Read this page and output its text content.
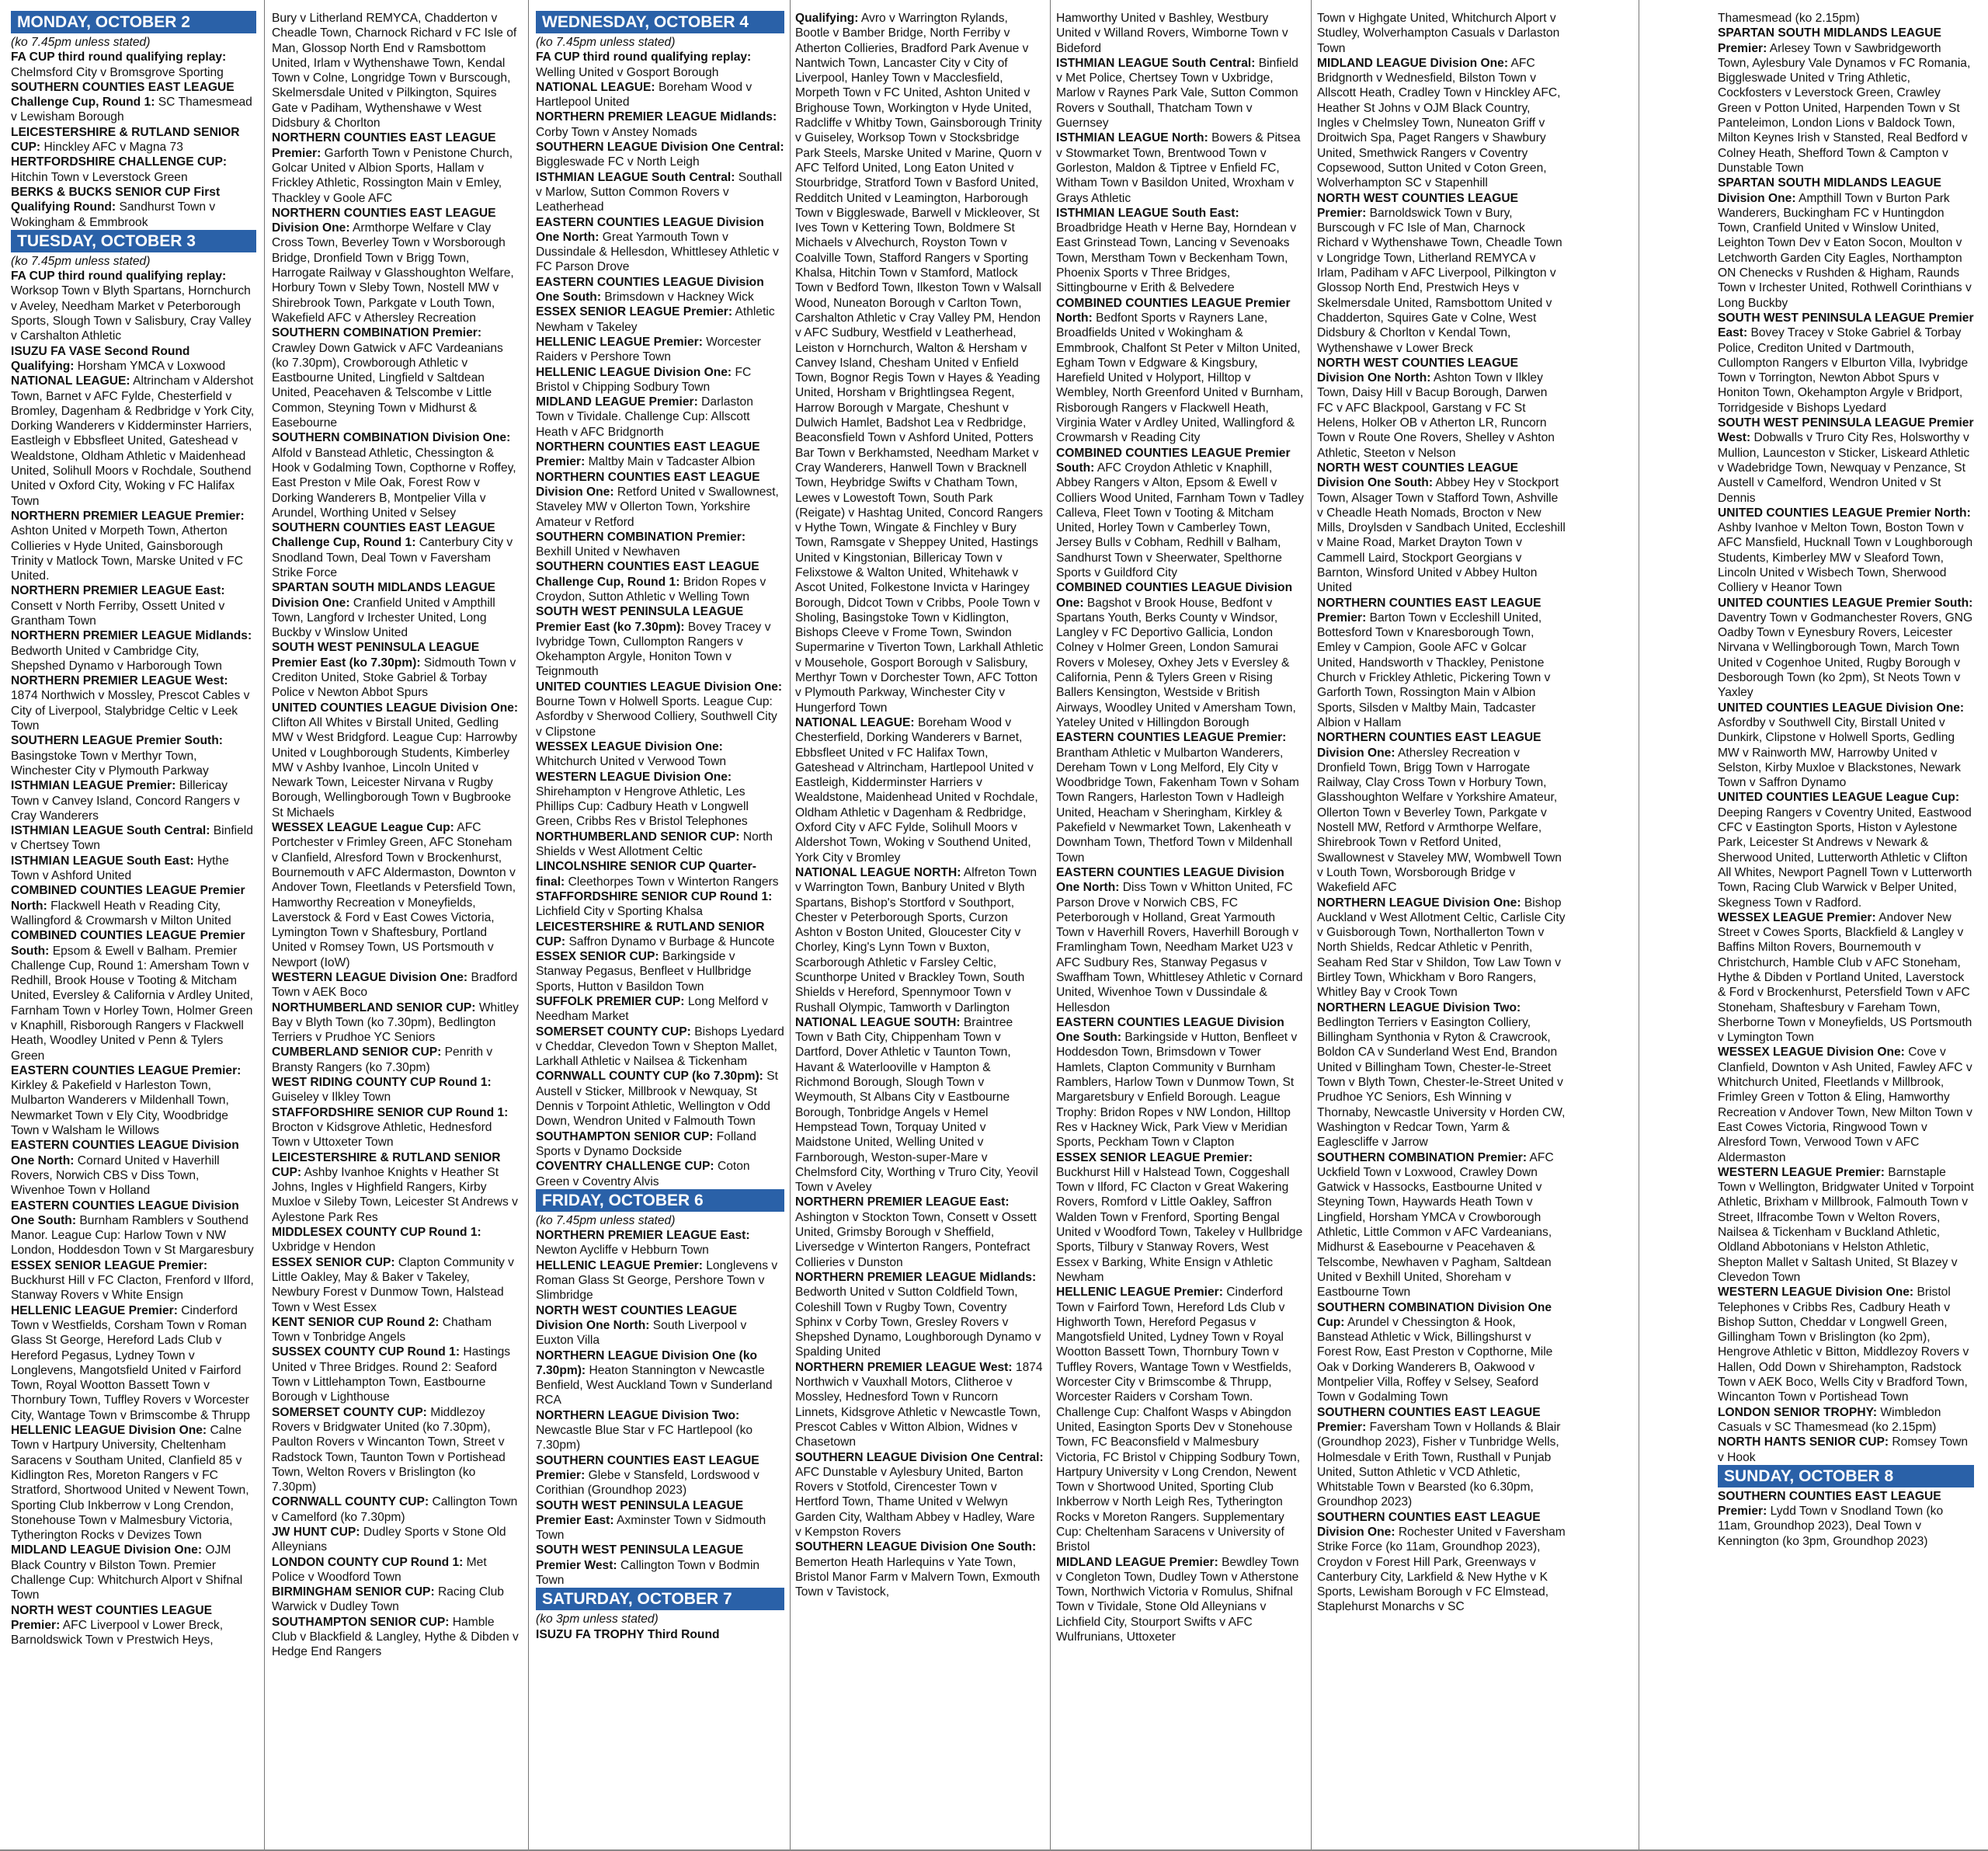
MONDAY, OCTOBER 2
(ko 7.45pm unless stated)
FA CUP third round qualifying replay: Chelmsford City v Bromsgrove Sporting
SOUTHERN COUNTIES EAST LEAGUE Challenge Cup, Round 1: SC Thamesmead v Lewisham Borough
LEICESTERSHIRE & RUTLAND SENIOR CUP: Hinckley AFC v Magna 73
HERTFORDSHIRE CHALLENGE CUP: Hitchin Town v Leverstock Green
BERKS & BUCKS SENIOR CUP First Qualifying Round: Sandhurst Town v Wokingham & Emmbrook
TUESDAY, OCTOBER 3
(ko 7.45pm unless stated)
FA CUP third round qualifying replay: Worksop Town v Blyth Spartans, Hornchurch v Aveley, Needham Market v Peterborough Sports, Slough Town v Salisbury, Cray Valley v Carshalton Athletic
ISUZU FA VASE Second Round Qualifying: Horsham YMCA v Loxwood
NATIONAL LEAGUE: Altrincham v Aldershot Town, Barnet v AFC Fylde, Chesterfield v Bromley, Dagenham & Redbridge v York City, Dorking Wanderers v Kidderminster Harriers, Eastleigh v Ebbsfleet United, Gateshead v Wealdstone, Oldham Athletic v Maidenhead United, Solihull Moors v Rochdale, Southend United v Oxford City, Woking v FC Halifax Town
NORTHERN PREMIER LEAGUE Premier: Ashton United v Morpeth Town, Atherton Collieries v Hyde United, Gainsborough Trinity v Matlock Town, Marske United v FC United.
NORTHERN PREMIER LEAGUE East: Consett v North Ferriby, Ossett United v Grantham Town
NORTHERN PREMIER LEAGUE Midlands: Bedworth United v Cambridge City, Shepshed Dynamo v Harborough Town
NORTHERN PREMIER LEAGUE West: 1874 Northwich v Mossley, Prescot Cables v City of Liverpool, Stalybridge Celtic v Leek Town
SOUTHERN LEAGUE Premier South: Basingstoke Town v Merthyr Town, Winchester City v Plymouth Parkway
ISTHMIAN LEAGUE Premier: Billericay Town v Canvey Island, Concord Rangers v Cray Wanderers
ISTHMIAN LEAGUE South Central: Binfield v Chertsey Town
ISTHMIAN LEAGUE South East: Hythe Town v Ashford United
COMBINED COUNTIES LEAGUE Premier North: Flackwell Heath v Reading City, Wallingford & Crowmarsh v Milton United
COMBINED COUNTIES LEAGUE Premier South: Epsom & Ewell v Balham. Premier Challenge Cup, Round 1: Amersham Town v Redhill, Brook House v Tooting & Mitcham United, Eversley & California v Ardley United, Farnham Town v Horley Town, Holmer Green v Knaphill, Risborough Rangers v Flackwell Heath, Woodley United v Penn & Tylers Green
EASTERN COUNTIES LEAGUE Premier: Kirkley & Pakefield v Harleston Town, Mulbarton Wanderers v Mildenhall Town, Newmarket Town v Ely City, Woodbridge Town v Walsham le Willows
EASTERN COUNTIES LEAGUE Division One North: Cornard United v Haverhill Rovers, Norwich CBS v Diss Town, Wivenhoe Town v Holland
EASTERN COUNTIES LEAGUE Division One South: Burnham Ramblers v Southend Manor. League Cup: Harlow Town v NW London, Hoddesdon Town v St Margaresbury
ESSEX SENIOR LEAGUE Premier: Buckhurst Hill v FC Clacton, Frenford v Ilford, Stanway Rovers v White Ensign
HELLENIC LEAGUE Premier: Cinderford Town v Westfields, Corsham Town v Roman Glass St George, Hereford Lads Club v Hereford Pegasus, Lydney Town v Longlevens, Mangotsfield United v Fairford Town, Royal Wootton Bassett Town v Thornbury Town, Tuffley Rovers v Worcester City, Wantage Town v Brimscombe & Thrupp
HELLENIC LEAGUE Division One: Calne Town v Hartpury University, Cheltenham Saracens v Southam United, Clanfield 85 v Kidlington Res, Moreton Rangers v FC Stratford, Shortwood United v Newent Town, Sporting Club Inkberrow v Long Crendon, Stonehouse Town v Malmesbury Victoria, Tytherington Rocks v Devizes Town
MIDLAND LEAGUE Division One: OJM Black Country v Bilston Town. Premier Challenge Cup: Whitchurch Alport v Shifnal Town
NORTH WEST COUNTIES LEAGUE Premier: AFC Liverpool v Lower Breck, Barnoldswick Town v Prestwich Heys,
Bury v Litherland REMYCA, Chadderton v Cheadle Town, Charnock Richard v FC Isle of Man, Glossop North End v Ramsbottom United, Irlam v Wythenshawe Town, Kendal Town v Colne, Longridge Town v Burscough, Skelmersdale United v Pilkington, Squires Gate v Padiham, Wythenshawe v West Didsbury & Chorlton
NORTHERN COUNTIES EAST LEAGUE Premier: Garforth Town v Penistone Church, Golcar United v Albion Sports, Hallam v Frickley Athletic, Rossington Main v Emley, Thackley v Goole AFC
NORTHERN COUNTIES EAST LEAGUE Division One: Armthorpe Welfare v Clay Cross Town, Beverley Town v Worsborough Bridge, Dronfield Town v Brigg Town, Harrogate Railway v Glasshoughton Welfare, Horbury Town v Sleby Town, Nostell MW v Shirebrook Town, Parkgate v Louth Town, Wakefield AFC v Athersley Recreation
SOUTHERN COMBINATION Premier: Crawley Down Gatwick v AFC Vardeanians (ko 7.30pm), Crowborough Athletic v Eastbourne United, Lingfield v Saltdean United, Peacehaven & Telscombe v Little Common, Steyning Town v Midhurst & Easebourne
SOUTHERN COMBINATION Division One: Alfold v Banstead Athletic, Chessington & Hook v Godalming Town, Copthorne v Roffey, East Preston v Mile Oak, Forest Row v Dorking Wanderers B, Montpelier Villa v Arundel, Worthing United v Selsey
SOUTHERN COUNTIES EAST LEAGUE Challenge Cup, Round 1: Canterbury City v Snodland Town, Deal Town v Faversham Strike Force
SPARTAN SOUTH MIDLANDS LEAGUE Division One: Cranfield United v Ampthill Town, Langford v Irchester United, Long Buckby v Winslow United
SOUTH WEST PENINSULA LEAGUE Premier East (ko 7.30pm): Sidmouth Town v Crediton United, Stoke Gabriel & Torbay Police v Newton Abbot Spurs
UNITED COUNTIES LEAGUE Division One: Clifton All Whites v Birstall United, Gedling MW v West Bridgford. League Cup: Harrowby United v Loughborough Students, Kimberley MW v Ashby Ivanhoe, Lincoln United v Newark Town, Leicester Nirvana v Rugby Borough, Wellingborough Town v Bugbrooke St Michaels
WESSEX LEAGUE League Cup: AFC Portchester v Frimley Green, AFC Stoneham v Clanfield, Alresford Town v Brockenhurst, Bournemouth v AFC Aldermaston, Downton v Andover Town, Fleetlands v Petersfield Town, Hamworthy Recreation v Moneyfields, Laverstock & Ford v East Cowes Victoria, Lymington Town v Shaftesbury, Portland United v Romsey Town, US Portsmouth v Newport (IoW)
WESTERN LEAGUE Division One: Bradford Town v AEK Boco
NORTHUMBERLAND SENIOR CUP: Whitley Bay v Blyth Town (ko 7.30pm), Bedlington Terriers v Prudhoe YC Seniors
CUMBERLAND SENIOR CUP: Penrith v Bransty Rangers (ko 7.30pm)
WEST RIDING COUNTY CUP Round 1: Guiseley v Ilkley Town
STAFFORDSHIRE SENIOR CUP Round 1: Brocton v Kidsgrove Athletic, Hednesford Town v Uttoxeter Town
LEICESTERSHIRE & RUTLAND SENIOR CUP: Ashby Ivanhoe Knights v Heather St Johns, Ingles v Highfield Rangers, Kirby Muxloe v Sileby Town, Leicester St Andrews v Aylestone Park Res
MIDDLESEX COUNTY CUP Round 1: Uxbridge v Hendon
ESSEX SENIOR CUP: Clapton Community v Little Oakley, May & Baker v Takeley, Newbury Forest v Dunmow Town, Halstead Town v West Essex
KENT SENIOR CUP Round 2: Chatham Town v Tonbridge Angels
SUSSEX COUNTY CUP Round 1: Hastings United v Three Bridges. Round 2: Seaford Town v Littlehampton Town, Eastbourne Borough v Lighthouse
SOMERSET COUNTY CUP: Middlezoy Rovers v Bridgwater United (ko 7.30pm), Paulton Rovers v Wincanton Town, Street v Radstock Town, Taunton Town v Portishead Town, Welton Rovers v Brislington (ko 7.30pm)
CORNWALL COUNTY CUP: Callington Town v Camelford (ko 7.30pm)
JW HUNT CUP: Dudley Sports v Stone Old Alleynians
LONDON COUNTY CUP Round 1: Met Police v Woodford Town
BIRMINGHAM SENIOR CUP: Racing Club Warwick v Dudley Town
SOUTHAMPTON SENIOR CUP: Hamble Club v Blackfield & Langley, Hythe & Dibden v Hedge End Rangers
WEDNESDAY, OCTOBER 4
(ko 7.45pm unless stated)
FA CUP third round qualifying replay: Welling United v Gosport Borough
NATIONAL LEAGUE: Boreham Wood v Hartlepool United
NORTHERN PREMIER LEAGUE Midlands: Corby Town v Anstey Nomads
SOUTHERN LEAGUE Division One Central: Biggleswade FC v North Leigh
ISTHMIAN LEAGUE South Central: Southall v Marlow, Sutton Common Rovers v Leatherhead
EASTERN COUNTIES LEAGUE Division One North: Great Yarmouth Town v Dussindale & Hellesdon, Whittlesey Athletic v FC Parson Drove
EASTERN COUNTIES LEAGUE Division One South: Brimsdown v Hackney Wick
ESSEX SENIOR LEAGUE Premier: Athletic Newham v Takeley
HELLENIC LEAGUE Premier: Worcester Raiders v Pershore Town
HELLENIC LEAGUE Division One: FC Bristol v Chipping Sodbury Town
MIDLAND LEAGUE Premier: Darlaston Town v Tividale. Challenge Cup: Allscott Heath v AFC Bridgnorth
NORTHERN COUNTIES EAST LEAGUE Premier: Maltby Main v Tadcaster Albion
NORTHERN COUNTIES EAST LEAGUE Division One: Retford United v Swallownest, Staveley MW v Ollerton Town, Yorkshire Amateur v Retford
SOUTHERN COMBINATION Premier: Bexhill United v Newhaven
SOUTHERN COUNTIES EAST LEAGUE Challenge Cup, Round 1: Bridon Ropes v Croydon, Sutton Athletic v Welling Town
SOUTH WEST PENINSULA LEAGUE Premier East (ko 7.30pm): Bovey Tracey v Ivybridge Town, Cullompton Rangers v Okehampton Argyle, Honiton Town v Teignmouth
UNITED COUNTIES LEAGUE Division One: Bourne Town v Holwell Sports. League Cup: Asfordby v Sherwood Colliery, Southwell City v Clipstone
WESSEX LEAGUE Division One: Whitchurch United v Verwood Town
WESTERN LEAGUE Division One: Shirehampton v Hengrove Athletic, Les Phillips Cup: Cadbury Heath v Longwell Green, Cribbs Res v Bristol Telephones
NORTHUMBERLAND SENIOR CUP: North Shields v West Allotment Celtic
LINCOLNSHIRE SENIOR CUP Quarter-final: Cleethorpes Town v Winterton Rangers
STAFFORDSHIRE SENIOR CUP Round 1: Lichfield City v Sporting Khalsa
LEICESTERSHIRE & RUTLAND SENIOR CUP: Saffron Dynamo v Burbage & Huncote
ESSEX SENIOR CUP: Barkingside v Stanway Pegasus, Benfleet v Hullbridge Sports, Hutton v Basildon Town
SUFFOLK PREMIER CUP: Long Melford v Needham Market
SOMERSET COUNTY CUP: Bishops Lyedard v Cheddar, Clevedon Town v Shepton Mallet, Larkhall Athletic v Nailsea & Tickenham
CORNWALL COUNTY CUP (ko 7.30pm): St Austell v Sticker, Millbrook v Newquay, St Dennis v Torpoint Athletic, Wellington v Odd Down, Wendron United v Falmouth Town
SOUTHAMPTON SENIOR CUP: Folland Sports v Dynamo Dockside
COVENTRY CHALLENGE CUP: Coton Green v Coventry Alvis
FRIDAY, OCTOBER 6
(ko 7.45pm unless stated)
NORTHERN PREMIER LEAGUE East: Newton Aycliffe v Hebburn Town
HELLENIC LEAGUE Premier: Longlevens v Roman Glass St George, Pershore Town v Slimbridge
NORTH WEST COUNTIES LEAGUE Division One North: South Liverpool v Euxton Villa
NORTHERN LEAGUE Division One (ko 7.30pm): Heaton Stannington v Newcastle Benfield, West Auckland Town v Sunderland RCA
NORTHERN LEAGUE Division Two: Newcastle Blue Star v FC Hartlepool (ko 7.30pm)
SOUTHERN COUNTIES EAST LEAGUE Premier: Glebe v Stansfeld, Lordswood v Corithian (Groundhop 2023)
SOUTH WEST PENINSULA LEAGUE Premier East: Axminster Town v Sidmouth Town
SOUTH WEST PENINSULA LEAGUE Premier West: Callington Town v Bodmin Town
SATURDAY, OCTOBER 7
(ko 3pm unless stated)
ISUZU FA TROPHY Third Round
Qualifying: Avro v Warrington Rylands, Bootle v Bamber Bridge, North Ferriby v Atherton Collieries, Bradford Park Avenue v Nantwich Town, Lancaster City v City of Liverpool, Hanley Town v Macclesfield, Morpeth Town v FC United, Ashton United v Brighouse Town, Workington v Hyde United, Radcliffe v Whitby Town, Gainsborough Trinity v Guiseley, Worksop Town v Stocksbridge Park Steels, Marske United v Marine, Quorn v AFC Telford United, Long Eaton United v Stourbridge, Stratford Town v Basford United, Redditch United v Leamington, Harborough Town v Biggleswade, Barwell v Mickleover, St Ives Town v Kettering Town, Boldmere St Michaels v Alvechurch, Royston Town v Coalville Town, Stafford Rangers v Sporting Khalsa, Hitchin Town v Stamford, Matlock Town v Bedford Town, Ilkeston Town v Walsall Wood, Nuneaton Borough v Carlton Town, Carshalton Athletic v Cray Valley PM, Hendon v AFC Sudbury, Westfield v Leatherhead, Leiston v Hornchurch, Walton & Hersham v Canvey Island, Chesham United v Enfield Town, Bognor Regis Town v Hayes & Yeading United, Horsham v Brightlingsea Regent, Harrow Borough v Margate, Cheshunt v Dulwich Hamlet, Badshot Lea v Redbridge, Beaconsfield Town v Ashford United, Potters Bar Town v Berkhamsted, Needham Market v Cray Wanderers, Hanwell Town v Bracknell Town, Heybridge Swifts v Chatham Town, Lewes v Lowestoft Town, South Park (Reigate) v Hashtag United, Concord Rangers v Hythe Town, Wingate & Finchley v Bury Town, Ramsgate v Sheppey United, Hastings United v Kingstonian, Billericay Town v Felixstowe & Walton United, Whitehawk v Ascot United, Folkestone Invicta v Haringey Borough, Didcot Town v Cribbs, Poole Town v Sholing, Basingstoke Town v Kidlington, Bishops Cleeve v Frome Town, Swindon Supermarine v Tiverton Town, Larkhall Athletic v Mousehole, Gosport Borough v Salisbury, Merthyr Town v Dorchester Town, AFC Totton v Plymouth Parkway, Winchester City v Hungerford Town
NATIONAL LEAGUE: Boreham Wood v Chesterfield, Dorking Wanderers v Barnet, Ebbsfleet United v FC Halifax Town, Gateshead v Altrincham, Hartlepool United v Eastleigh, Kidderminster Harriers v Wealdstone, Maidenhead United v Rochdale, Oldham Athletic v Dagenham & Redbridge, Oxford City v AFC Fylde, Solihull Moors v Aldershot Town, Woking v Southend United, York City v Bromley
NATIONAL LEAGUE NORTH: Alfreton Town v Warrington Town, Banbury United v Blyth Spartans, Bishop's Stortford v Southport, Chester v Peterborough Sports, Curzon Ashton v Boston United, Gloucester City v Chorley, King's Lynn Town v Buxton, Scarborough Athletic v Farsley Celtic, Scunthorpe United v Brackley Town, South Shields v Hereford, Spennymoor Town v Rushall Olympic, Tamworth v Darlington
NATIONAL LEAGUE SOUTH: Braintree Town v Bath City, Chippenham Town v Dartford, Dover Athletic v Taunton Town, Havant & Waterlooville v Hampton & Richmond Borough, Slough Town v Weymouth, St Albans City v Eastbourne Borough, Tonbridge Angels v Hemel Hempstead Town, Torquay United v Maidstone United, Welling United v Farnborough, Weston-super-Mare v Chelmsford City, Worthing v Truro City, Yeovil Town v Aveley
NORTHERN PREMIER LEAGUE East: Ashington v Stockton Town, Consett v Ossett United, Grimsby Borough v Sheffield, Liversedge v Winterton Rangers, Pontefract Collieries v Dunston
NORTHERN PREMIER LEAGUE Midlands: Bedworth United v Sutton Coldfield Town, Coleshill Town v Rugby Town, Coventry Sphinx v Corby Town, Gresley Rovers v Shepshed Dynamo, Loughborough Dynamo v Spalding United
NORTHERN PREMIER LEAGUE West: 1874 Northwich v Vauxhall Motors, Clitheroe v Mossley, Hednesford Town v Runcorn Linnets, Kidsgrove Athletic v Newcastle Town, Prescot Cables v Witton Albion, Widnes v Chasetown
SOUTHERN LEAGUE Division One Central: AFC Dunstable v Aylesbury United, Barton Rovers v Stotfold, Cirencester Town v Hertford Town, Thame United v Welwyn Garden City, Waltham Abbey v Hadley, Ware v Kempston Rovers
SOUTHERN LEAGUE Division One South: Bemerton Heath Harlequins v Yate Town, Bristol Manor Farm v Malvern Town, Exmouth Town v Tavistock,
Hamworthy United v Bashley, Westbury United v Willand Rovers, Wimborne Town v Bideford
ISTHMIAN LEAGUE South Central: Binfield v Met Police, Chertsey Town v Uxbridge, Marlow v Raynes Park Vale, Sutton Common Rovers v Southall, Thatcham Town v Guernsey
ISTHMIAN LEAGUE North: Bowers & Pitsea v Stowmarket Town, Brentwood Town v Gorleston, Maldon & Tiptree v Enfield FC, Witham Town v Basildon United, Wroxham v Grays Athletic
ISTHMIAN LEAGUE South East: Broadbridge Heath v Herne Bay, Horndean v East Grinstead Town, Lancing v Sevenoaks Town, Merstham Town v Beckenham Town, Phoenix Sports v Three Bridges, Sittingbourne v Erith & Belvedere
COMBINED COUNTIES LEAGUE Premier North: Bedfont Sports v Rayners Lane, Broadfields United v Wokingham & Emmbrook, Chalfont St Peter v Milton United, Egham Town v Edgware & Kingsbury, Harefield United v Holyport, Hilltop v Wembley, North Greenford United v Burnham, Risborough Rangers v Flackwell Heath, Virginia Water v Ardley United, Wallingford & Crowmarsh v Reading City
COMBINED COUNTIES LEAGUE Premier South: AFC Croydon Athletic v Knaphill, Abbey Rangers v Alton, Epsom & Ewell v Colliers Wood United, Farnham Town v Tadley Calleva, Fleet Town v Tooting & Mitcham United, Horley Town v Camberley Town, Jersey Bulls v Cobham, Redhill v Balham, Sandhurst Town v Sheerwater, Spelthorne Sports v Guildford City
COMBINED COUNTIES LEAGUE Division One: Bagshot v Brook House, Bedfont v Spartans Youth, Berks County v Windsor, Langley v FC Deportivo Gallicia, London Colney v Holmer Green, London Samurai Rovers v Molesey, Oxhey Jets v Eversley & California, Penn & Tylers Green v Rising Ballers Kensington, Westside v British Airways, Woodley United v Amersham Town, Yateley United v Hillingdon Borough
EASTERN COUNTIES LEAGUE Premier: Brantham Athletic v Mulbarton Wanderers, Dereham Town v Long Melford, Ely City v Woodbridge Town, Fakenham Town v Soham Town Rangers, Harleston Town v Hadleigh United, Heacham v Sheringham, Kirkley & Pakefield v Newmarket Town, Lakenheath v Downham Town, Thetford Town v Mildenhall Town
EASTERN COUNTIES LEAGUE Division One North: Diss Town v Whitton United, FC Parson Drove v Norwich CBS, FC Peterborough v Holland, Great Yarmouth Town v Haverhill Rovers, Haverhill Borough v Framlingham Town, Needham Market U23 v AFC Sudbury Res, Stanway Pegasus v Swaffham Town, Whittlesey Athletic v Cornard United, Wivenhoe Town v Dussindale & Hellesdon
EASTERN COUNTIES LEAGUE Division One South: Barkingside v Hutton, Benfleet v Hoddesdon Town, Brimsdown v Tower Hamlets, Clapton Community v Burnham Ramblers, Harlow Town v Dunmow Town, St Margaretsbury v Enfield Borough. League Trophy: Bridon Ropes v NW London, Hilltop Res v Hackney Wick, Park View v Meridian Sports, Peckham Town v Clapton
ESSEX SENIOR LEAGUE Premier: Buckhurst Hill v Halstead Town, Coggeshall Town v Ilford, FC Clacton v Great Wakering Rovers, Romford v Little Oakley, Saffron Walden Town v Frenford, Sporting Bengal United v Woodford Town, Takeley v Hullbridge Sports, Tilbury v Stanway Rovers, West Essex v Barking, White Ensign v Athletic Newham
HELLENIC LEAGUE Premier: Cinderford Town v Fairford Town, Hereford Lds Club v Highworth Town, Hereford Pegasus v Mangotsfield United, Lydney Town v Royal Wootton Bassett Town, Thornbury Town v Tuffley Rovers, Wantage Town v Westfields, Worcester City v Brimscombe & Thrupp, Worcester Raiders v Corsham Town. Challenge Cup: Chalfont Wasps v Abingdon United, Easington Sports Dev v Stonehouse Town, FC Beaconsfield v Malmesbury Victoria, FC Bristol v Chipping Sodbury Town, Hartpury University v Long Crendon, Newent Town v Shortwood United, Sporting Club Inkberrow v North Leigh Res, Tytherington Rocks v Moreton Rangers. Supplementary Cup: Cheltenham Saracens v University of Bristol
MIDLAND LEAGUE Premier: Bewdley Town v Congleton Town, Dudley Town v Atherstone Town, Northwich Victoria v Romulus, Shifnal Town v Tividale, Stone Old Alleynians v Lichfield City, Stourport Swifts v AFC Wulfrunians, Uttoxeter
Town v Highgate United, Whitchurch Alport v Studley, Wolverhampton Casuals v Darlaston Town
MIDLAND LEAGUE Division One: AFC Bridgnorth v Wednesfield, Bilston Town v Allscott Heath, Cradley Town v Hinckley AFC, Heather St Johns v OJM Black Country, Ingles v Chelmsley Town, Nuneaton Griff v Droitwich Spa, Paget Rangers v Shawbury United, Smethwick Rangers v Coventry Copsewood, Sutton United v Coton Green, Wolverhampton SC v Stapenhill
NORTH WEST COUNTIES LEAGUE Premier: Barnoldswick Town v Bury, Burscough v FC Isle of Man, Charnock Richard v Wythenshawe Town, Cheadle Town v Longridge Town, Litherland REMYCA v Irlam, Padiham v AFC Liverpool, Pilkington v Glossop North End, Prestwich Heys v Skelmersdale United, Ramsbottom United v Chadderton, Squires Gate v Colne, West Didsbury & Chorlton v Kendal Town, Wythenshawe v Lower Breck
NORTH WEST COUNTIES LEAGUE Division One North: Ashton Town v Ilkley Town, Daisy Hill v Bacup Borough, Darwen FC v AFC Blackpool, Garstang v FC St Helens, Holker OB v Atherton LR, Runcorn Town v Route One Rovers, Shelley v Ashton Athletic, Steeton v Nelson
NORTH WEST COUNTIES LEAGUE Division One South: Abbey Hey v Stockport Town, Alsager Town v Stafford Town, Ashville v Cheadle Heath Nomads, Brocton v New Mills, Droylsden v Sandbach United, Eccleshill v Maine Road, Market Drayton Town v Cammell Laird, Stockport Georgians v Barnton, Winsford United v Abbey Hulton United
NORTHERN COUNTIES EAST LEAGUE Premier: Barton Town v Eccleshill United, Bottesford Town v Knaresborough Town, Emley v Campion, Goole AFC v Golcar United, Handsworth v Thackley, Penistone Church v Frickley Athletic, Pickering Town v Garforth Town, Rossington Main v Albion Sports, Silsden v Maltby Main, Tadcaster Albion v Hallam
NORTHERN COUNTIES EAST LEAGUE Division One: Athersley Recreation v Dronfield Town, Brigg Town v Harrogate Railway, Clay Cross Town v Horbury Town, Glasshoughton Welfare v Yorkshire Amateur, Ollerton Town v Beverley Town, Parkgate v Nostell MW, Retford v Armthorpe Welfare, Shirebrook Town v Retford United, Swallownest v Staveley MW, Wombwell Town v Louth Town, Worsborough Bridge v Wakefield AFC
NORTHERN LEAGUE Division One: Bishop Auckland v West Allotment Celtic, Carlisle City v Guisborough Town, Northallerton Town v North Shields, Redcar Athletic v Penrith, Seaham Red Star v Shildon, Tow Law Town v Birtley Town, Whickham v Boro Rangers, Whitley Bay v Crook Town
NORTHERN LEAGUE Division Two: Bedlington Terriers v Easington Colliery, Billingham Synthonia v Ryton & Crawcrook, Boldon CA v Sunderland West End, Brandon United v Billingham Town, Chester-le-Street Town v Blyth Town, Chester-le-Street United v Prudhoe YC Seniors, Esh Winning v Thornaby, Newcastle University v Horden CW, Washington v Redcar Town, Yarm & Eaglescliffe v Jarrow
SOUTHERN COMBINATION Premier: AFC Uckfield Town v Loxwood, Crawley Down Gatwick v Hassocks, Eastbourne United v Steyning Town, Haywards Heath Town v Lingfield, Horsham YMCA v Crowborough Athletic, Little Common v AFC Vardeanians, Midhurst & Easebourne v Peacehaven & Telscombe, Newhaven v Pagham, Saltdean United v Bexhill United, Shoreham v Eastbourne Town
SOUTHERN COMBINATION Division One Cup: Arundel v Chessington & Hook, Banstead Athletic v Wick, Billingshurst v Forest Row, East Preston v Copthorne, Mile Oak v Dorking Wanderers B, Oakwood v Montpelier Villa, Roffey v Selsey, Seaford Town v Godalming Town
SOUTHERN COUNTIES EAST LEAGUE Premier: Faversham Town v Hollands & Blair (Groundhop 2023), Fisher v Tunbridge Wells, Holmesdale v Erith Town, Rusthall v Punjab United, Sutton Athletic v VCD Athletic, Whitstable Town v Bearsted (ko 6.30pm, Groundhop 2023)
SOUTHERN COUNTIES EAST LEAGUE Division One: Rochester United v Faversham Strike Force (ko 11am, Groundhop 2023), Croydon v Forest Hill Park, Greenways v Canterbury City, Larkfield & New Hythe v K Sports, Lewisham Borough v FC Elmstead, Staplehurst Monarchs v SC
Thamesmead (ko 2.15pm)
SPARTAN SOUTH MIDLANDS LEAGUE Premier: Arlesey Town v Sawbridgeworth Town, Aylesbury Vale Dynamos v FC Romania, Biggleswade United v Tring Athletic, Cockfosters v Leverstock Green, Crawley Green v Potton United, Harpenden Town v St Panteleimon, London Lions v Baldock Town, Milton Keynes Irish v Stansted, Real Bedford v Colney Heath, Shefford Town & Campton v Dunstable Town
SPARTAN SOUTH MIDLANDS LEAGUE Division One: Ampthill Town v Burton Park Wanderers, Buckingham FC v Huntingdon Town, Cranfield United v Winslow United, Leighton Town Dev v Eaton Socon, Moulton v Letchworth Garden City Eagles, Northampton ON Chenecks v Rushden & Higham, Raunds Town v Irchester United, Rothwell Corinthians v Long Buckby
SOUTH WEST PENINSULA LEAGUE Premier East: Bovey Tracey v Stoke Gabriel & Torbay Police, Crediton United v Dartmouth, Cullompton Rangers v Elburton Villa, Ivybridge Town v Torrington, Newton Abbot Spurs v Honiton Town, Okehampton Argyle v Bridport, Torridgeside v Bishops Lyedard
SOUTH WEST PENINSULA LEAGUE Premier West: Dobwalls v Truro City Res, Holsworthy v Mullion, Launceston v Sticker, Liskeard Athletic v Wadebridge Town, Newquay v Penzance, St Austell v Camelford, Wendron United v St Dennis
UNITED COUNTIES LEAGUE Premier North: Ashby Ivanhoe v Melton Town, Boston Town v AFC Mansfield, Hucknall Town v Loughborough Students, Kimberley MW v Sleaford Town, Lincoln United v Wisbech Town, Sherwood Colliery v Heanor Town
UNITED COUNTIES LEAGUE Premier South: Daventry Town v Godmanchester Rovers, GNG Oadby Town v Eynesbury Rovers, Leicester Nirvana v Wellingborough Town, March Town United v Cogenhoe United, Rugby Borough v Desborough Town (ko 2pm), St Neots Town v Yaxley
UNITED COUNTIES LEAGUE Division One: Asfordby v Southwell City, Birstall United v Dunkirk, Clipstone v Holwell Sports, Gedling MW v Rainworth MW, Harrowby United v Selston, Kirby Muxloe v Blackstones, Newark Town v Saffron Dynamo
UNITED COUNTIES LEAGUE League Cup: Deeping Rangers v Coventry United, Eastwood CFC v Eastington Sports, Histon v Aylestone Park, Leicester St Andrews v Newark & Sherwood United, Lutterworth Athletic v Clifton All Whites, Newport Pagnell Town v Lutterworth Town, Racing Club Warwick v Belper United, Skegness Town v Radford.
WESSEX LEAGUE Premier: Andover New Street v Cowes Sports, Blackfield & Langley v Baffins Milton Rovers, Bournemouth v Christchurch, Hamble Club v AFC Stoneham, Hythe & Dibden v Portland United, Laverstock & Ford v Brockenhurst, Petersfield Town v AFC Stoneham, Shaftesbury v Fareham Town, Sherborne Town v Moneyfields, US Portsmouth v Lymington Town
WESSEX LEAGUE Division One: Cove v Clanfield, Downton v Ash United, Fawley AFC v Whitchurch United, Fleetlands v Millbrook, Frimley Green v Totton & Eling, Hamworthy Recreation v Andover Town, New Milton Town v East Cowes Victoria, Ringwood Town v Alresford Town, Verwood Town v AFC Aldermaston
WESTERN LEAGUE Premier: Barnstaple Town v Wellington, Bridgwater United v Torpoint Athletic, Brixham v Millbrook, Falmouth Town v Street, Ilfracombe Town v Welton Rovers, Nailsea & Tickenham v Buckland Athletic, Oldland Abbotonians v Helston Athletic, Shepton Mallet v Saltash United, St Blazey v Clevedon Town
WESTERN LEAGUE Division One: Bristol Telephones v Cribbs Res, Cadbury Heath v Bishop Sutton, Cheddar v Longwell Green, Gillingham Town v Brislington (ko 2pm), Hengrove Athletic v Bitton, Middlezoy Rovers v Hallen, Odd Down v Shirehampton, Radstock Town v AEK Boco, Wells City v Bradford Town, Wincanton Town v Portishead Town
LONDON SENIOR TROPHY: Wimbledon Casuals v SC Thamesmead (ko 2.15pm)
NORTH HANTS SENIOR CUP: Romsey Town v Hook
SUNDAY, OCTOBER 8
SOUTHERN COUNTIES EAST LEAGUE Premier: Lydd Town v Snodland Town (ko 11am, Groundhop 2023), Deal Town v Kennington (ko 3pm, Groundhop 2023)
